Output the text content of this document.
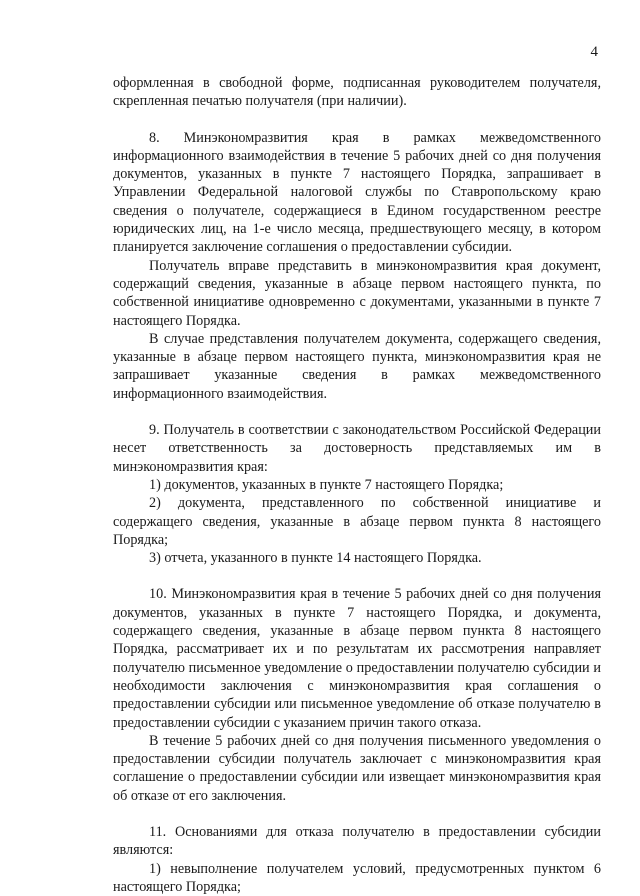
4

оформленная в свободной форме, подписанная руководителем получателя, скрепленная печатью получателя (при наличии).

8. Минэкономразвития края в рамках межведомственного информационного взаимодействия в течение 5 рабочих дней со дня получения документов, указанных в пункте 7 настоящего Порядка, запрашивает в Управлении Федеральной налоговой службы по Ставропольскому краю сведения о получателе, содержащиеся в Едином государственном реестре юридических лиц, на 1-е число месяца, предшествующего месяцу, в котором планируется заключение соглашения о предоставлении субсидии.

Получатель вправе представить в минэкономразвития края документ, содержащий сведения, указанные в абзаце первом настоящего пункта, по собственной инициативе одновременно с документами, указанными в пункте 7 настоящего Порядка.

В случае представления получателем документа, содержащего сведения, указанные в абзаце первом настоящего пункта, минэкономразвития края не запрашивает указанные сведения в рамках межведомственного информационного взаимодействия.

9. Получатель в соответствии с законодательством Российской Федерации несет ответственность за достоверность представляемых им в минэкономразвития края:

1) документов, указанных в пункте 7 настоящего Порядка;

2) документа, представленного по собственной инициативе и содержащего сведения, указанные в абзаце первом пункта 8 настоящего Порядка;

3) отчета, указанного в пункте 14 настоящего Порядка.

10. Минэкономразвития края в течение 5 рабочих дней со дня получения документов, указанных в пункте 7 настоящего Порядка, и документа, содержащего сведения, указанные в абзаце первом пункта 8 настоящего Порядка, рассматривает их и по результатам их рассмотрения направляет получателю письменное уведомление о предоставлении получателю субсидии и необходимости заключения с минэкономразвития края соглашения о предоставлении субсидии или письменное уведомление об отказе получателю в предоставлении субсидии с указанием причин такого отказа.

В течение 5 рабочих дней со дня получения письменного уведомления о предоставлении субсидии получатель заключает с минэкономразвития края соглашение о предоставлении субсидии или извещает минэкономразвития края об отказе от его заключения.

11. Основаниями для отказа получателю в предоставлении субсидии являются:

1) невыполнение получателем условий, предусмотренных пунктом 6 настоящего Порядка;
